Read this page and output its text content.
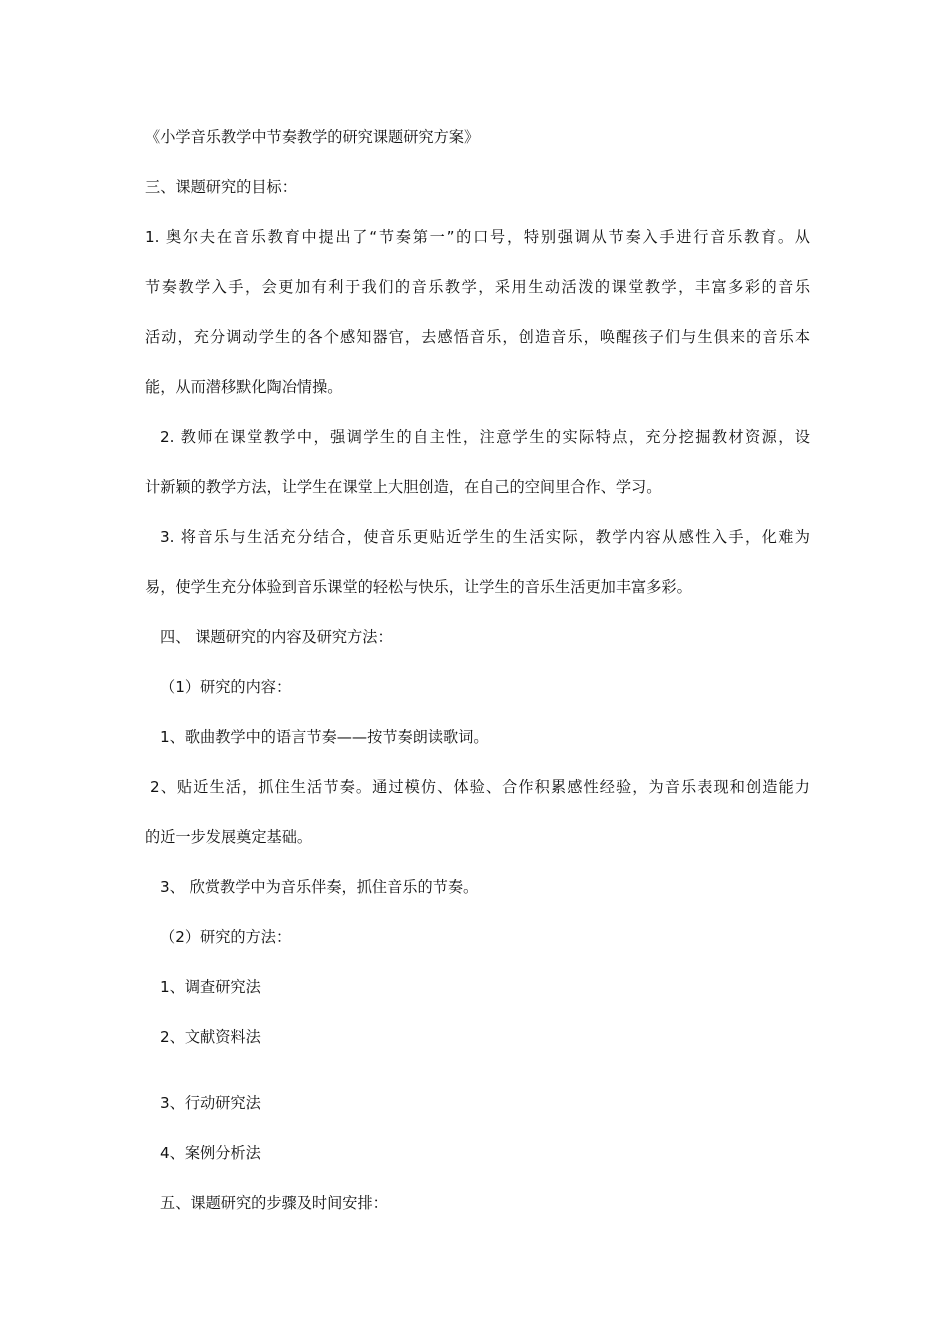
《小学音乐教学中节奏教学的研究课题研究方案》
三、课题研究的目标：
1. 奥尔夫在音乐教育中提出了“节奏第一”的口号，特别强调从节奏入手进行音乐教育。从
节奏教学入手，会更加有利于我们的音乐教学，采用生动活泼的课堂教学，丰富多彩的音乐
活动，充分调动学生的各个感知器官，去感悟音乐，创造音乐，唤醒孩子们与生俱来的音乐本
能，从而潜移默化陶冶情操。
2. 教师在课堂教学中，强调学生的自主性，注意学生的实际特点，充分挖掘教材资源，设
计新颖的教学方法，让学生在课堂上大胆创造，在自己的空间里合作、学习。
3. 将音乐与生活充分结合，使音乐更贴近学生的生活实际，教学内容从感性入手，化难为
易，使学生充分体验到音乐课堂的轻松与快乐，让学生的音乐生活更加丰富多彩。
四、 课题研究的内容及研究方法：
（1）研究的内容：
1、歌曲教学中的语言节奏——按节奏朗读歌词。
2、贴近生活，抓住生活节奏。通过模仿、体验、合作积累感性经验，为音乐表现和创造能力
的近一步发展奠定基础。
3、 欣赏教学中为音乐伴奏，抓住音乐的节奏。
（2）研究的方法：
1、调查研究法
2、文献资料法
3、行动研究法
4、案例分析法
五、课题研究的步骤及时间安排：
